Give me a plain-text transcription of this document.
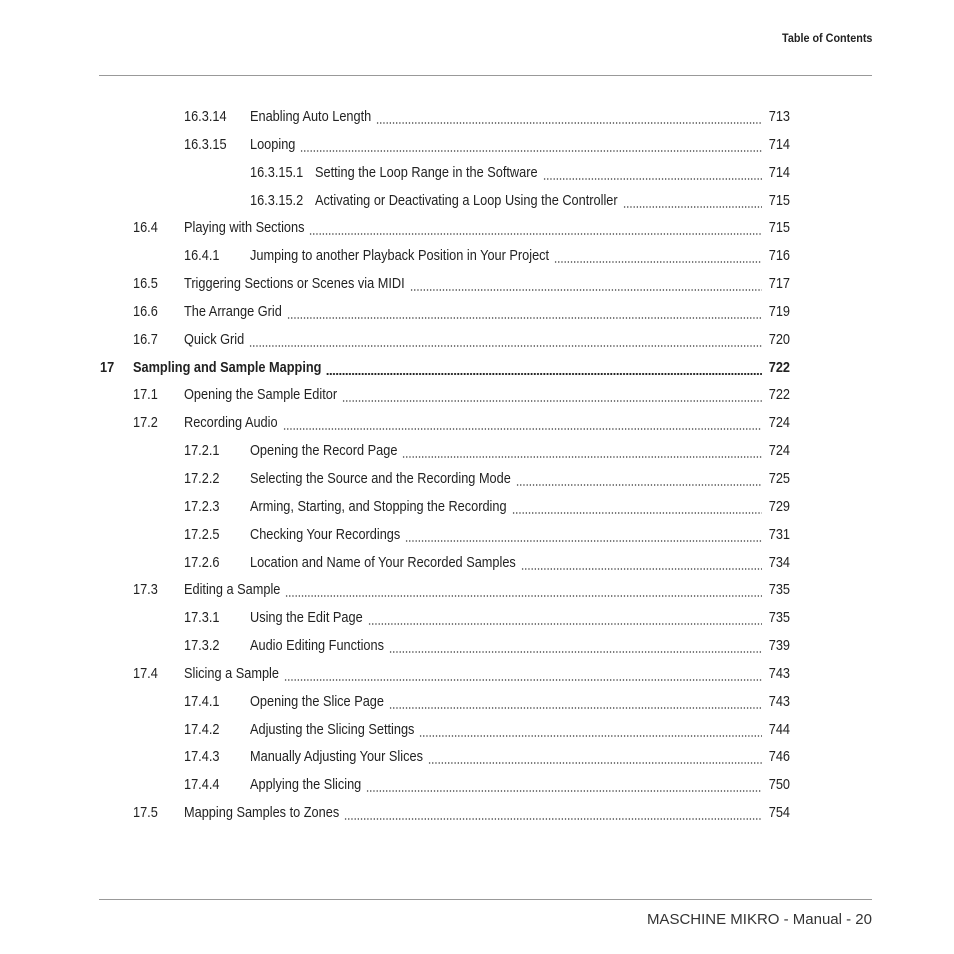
Table of Contents
16.3.14 Enabling Auto Length	713
16.3.15 Looping	714
16.3.15.1 Setting the Loop Range in the Software	714
16.3.15.2 Activating or Deactivating a Loop Using the Controller	715
16.4 Playing with Sections	715
16.4.1 Jumping to another Playback Position in Your Project	716
16.5 Triggering Sections or Scenes via MIDI	717
16.6 The Arrange Grid	719
16.7 Quick Grid	720
17 Sampling and Sample Mapping	722
17.1 Opening the Sample Editor	722
17.2 Recording Audio	724
17.2.1 Opening the Record Page	724
17.2.2 Selecting the Source and the Recording Mode	725
17.2.3 Arming, Starting, and Stopping the Recording	729
17.2.5 Checking Your Recordings	731
17.2.6 Location and Name of Your Recorded Samples	734
17.3 Editing a Sample	735
17.3.1 Using the Edit Page	735
17.3.2 Audio Editing Functions	739
17.4 Slicing a Sample	743
17.4.1 Opening the Slice Page	743
17.4.2 Adjusting the Slicing Settings	744
17.4.3 Manually Adjusting Your Slices	746
17.4.4 Applying the Slicing	750
17.5 Mapping Samples to Zones	754
MASCHINE MIKRO - Manual - 20
